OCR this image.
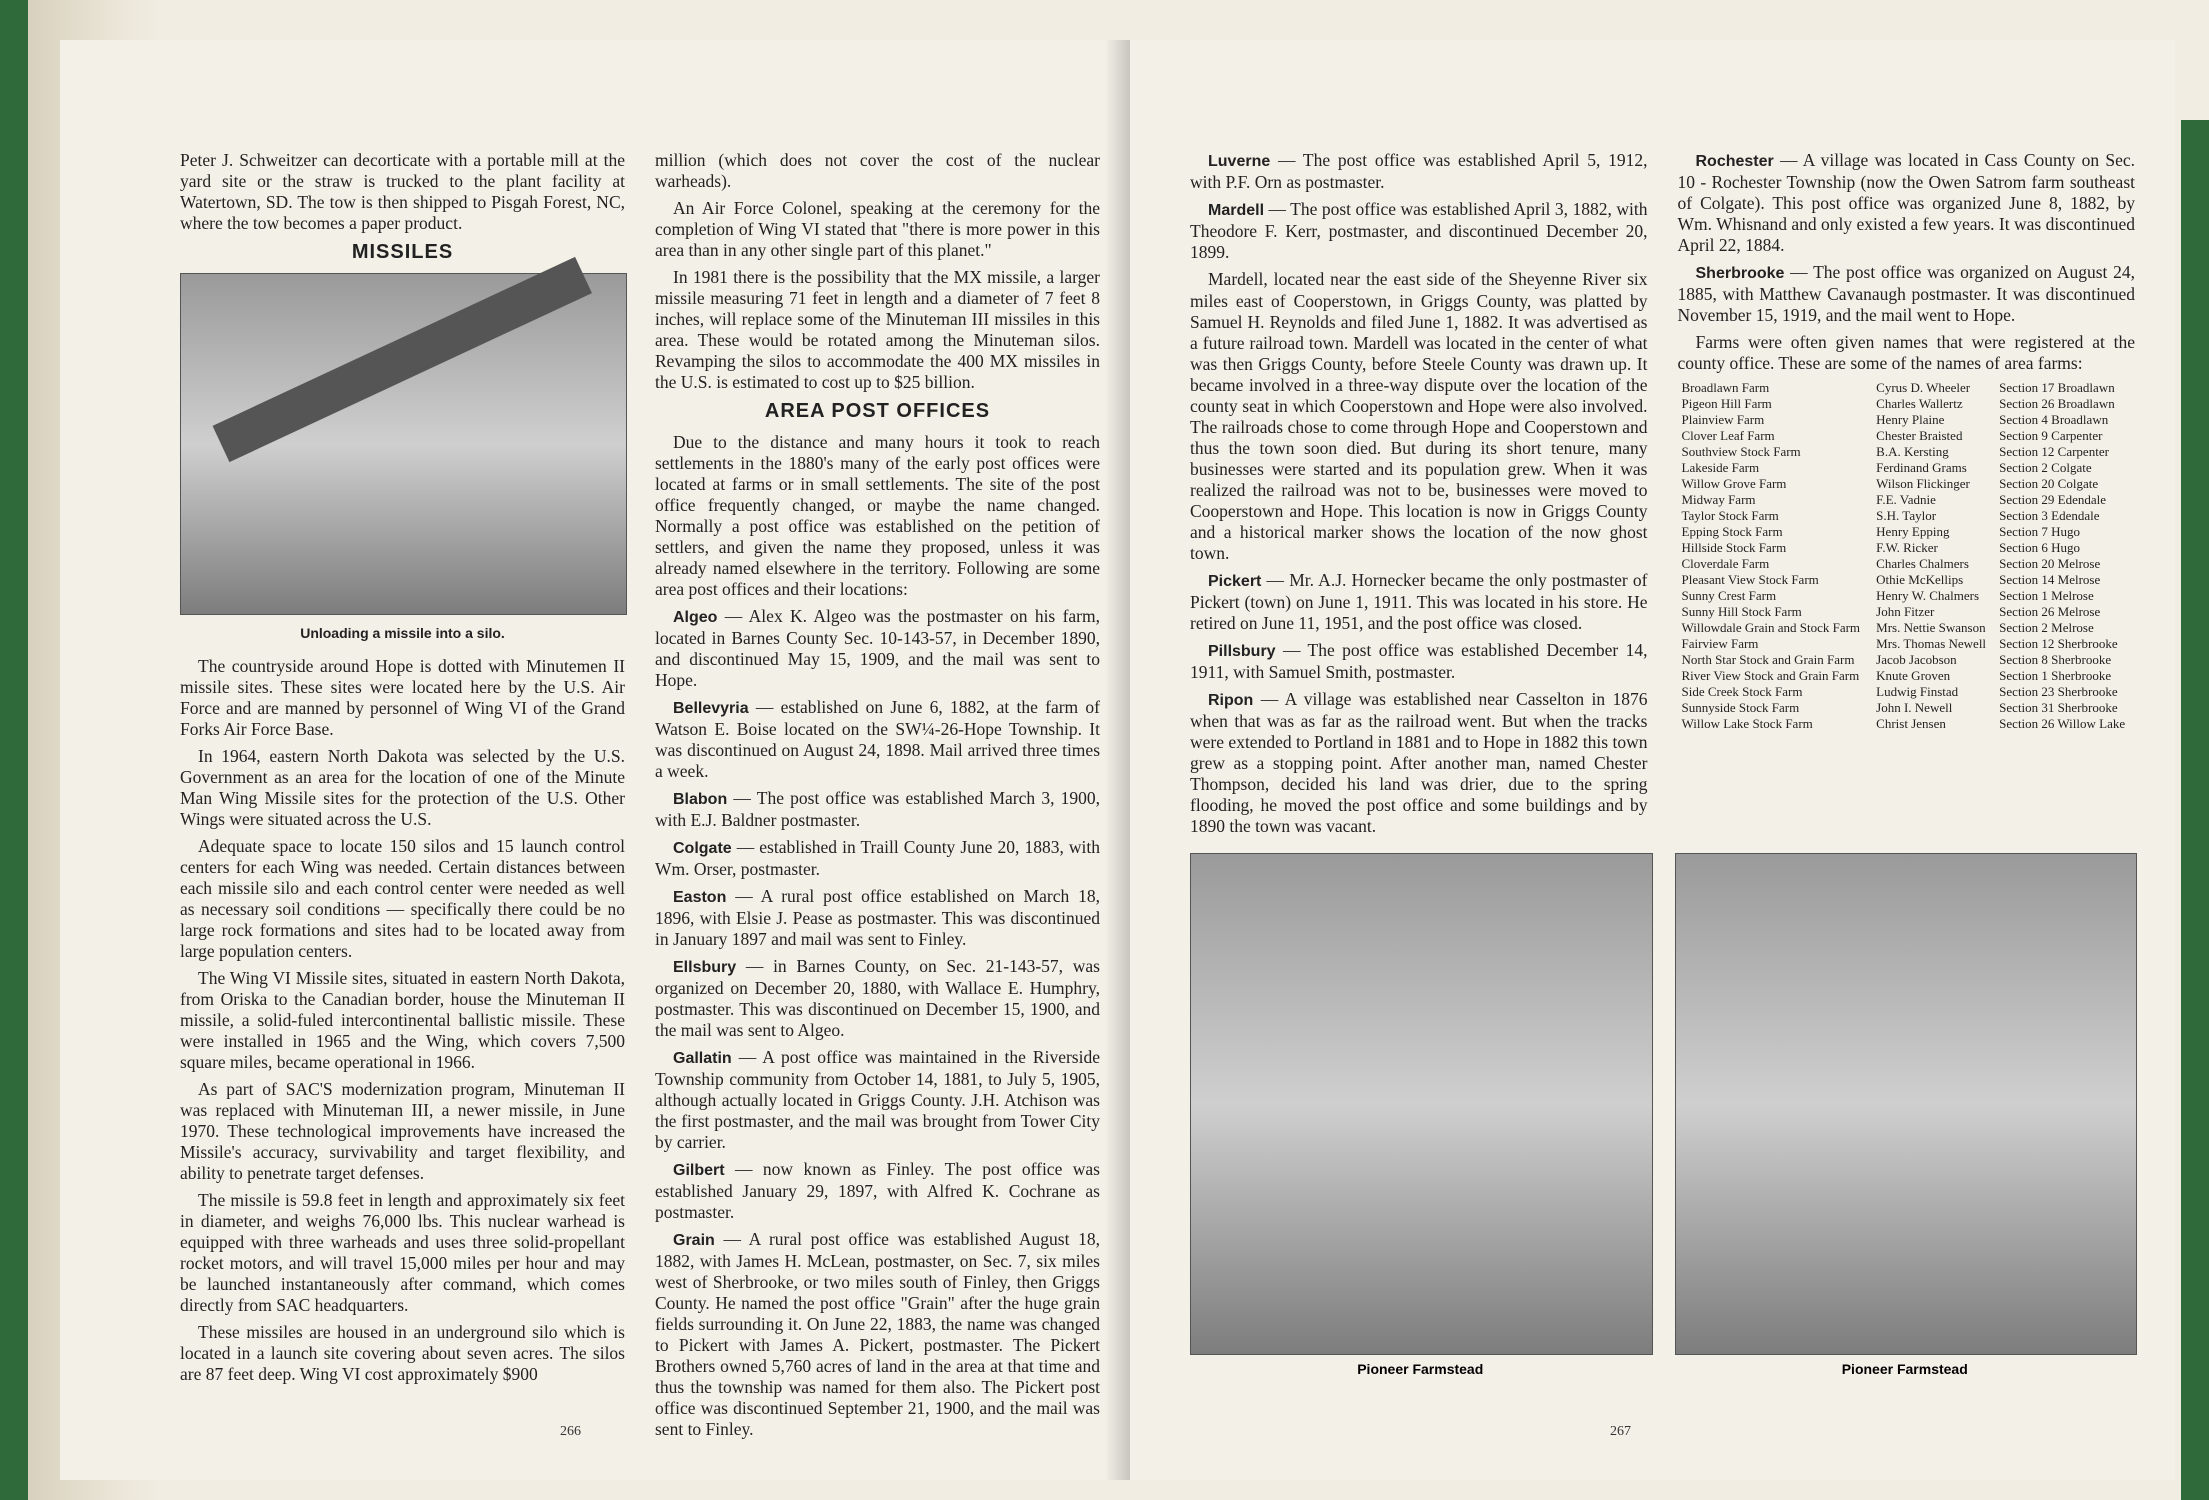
Peter J. Schweitzer can decorticate with a portable mill at the yard site or the straw is trucked to the plant facility at Watertown, SD. The tow is then shipped to Pisgah Forest, NC, where the tow becomes a paper product.

MISSILES
Unloading a missile into a silo.

The countryside around Hope is dotted with Minutemen II missile sites. These sites were located here by the U.S. Air Force and are manned by personnel of Wing VI of the Grand Forks Air Force Base.

In 1964, eastern North Dakota was selected by the U.S. Government as an area for the location of one of the Minute Man Wing Missile sites for the protection of the U.S. Other Wings were situated across the U.S.

Adequate space to locate 150 silos and 15 launch control centers for each Wing was needed. Certain distances between each missile silo and each control center were needed as well as necessary soil conditions — specifically there could be no large rock formations and sites had to be located away from large population centers.

The Wing VI Missile sites, situated in eastern North Dakota, from Oriska to the Canadian border, house the Minuteman II missile, a solid-fuled intercontinental ballistic missile. These were installed in 1965 and the Wing, which covers 7,500 square miles, became operational in 1966.

As part of SAC'S modernization program, Minuteman II was replaced with Minuteman III, a newer missile, in June 1970. These technological improvements have increased the Missile's accuracy, survivability and target flexibility, and ability to penetrate target defenses.

The missile is 59.8 feet in length and approximately six feet in diameter, and weighs 76,000 lbs. This nuclear warhead is equipped with three warheads and uses three solid-propellant rocket motors, and will travel 15,000 miles per hour and may be launched instantaneously after command, which comes directly from SAC headquarters.

These missiles are housed in an underground silo which is located in a launch site covering about seven acres. The silos are 87 feet deep. Wing VI cost approximately $900

million (which does not cover the cost of the nuclear warheads).

An Air Force Colonel, speaking at the ceremony for the completion of Wing VI stated that "there is more power in this area than in any other single part of this planet."

In 1981 there is the possibility that the MX missile, a larger missile measuring 71 feet in length and a diameter of 7 feet 8 inches, will replace some of the Minuteman III missiles in this area. These would be rotated among the Minuteman silos. Revamping the silos to accommodate the 400 MX missiles in the U.S. is estimated to cost up to $25 billion.

AREA POST OFFICES

Due to the distance and many hours it took to reach settlements in the 1880's many of the early post offices were located at farms or in small settlements. The site of the post office frequently changed, or maybe the name changed. Normally a post office was established on the petition of settlers, and given the name they proposed, unless it was already named elsewhere in the territory. Following are some area post offices and their locations:

Algeo — Alex K. Algeo was the postmaster on his farm, located in Barnes County Sec. 10-143-57, in December 1890, and discontinued May 15, 1909, and the mail was sent to Hope.

Bellevyria — established on June 6, 1882, at the farm of Watson E. Boise located on the SW¼-26-Hope Township. It was discontinued on August 24, 1898. Mail arrived three times a week.

Blabon — The post office was established March 3, 1900, with E.J. Baldner postmaster.

Colgate — established in Traill County June 20, 1883, with Wm. Orser, postmaster.

Easton — A rural post office established on March 18, 1896, with Elsie J. Pease as postmaster. This was discontinued in January 1897 and mail was sent to Finley.

Ellsbury — in Barnes County, on Sec. 21-143-57, was organized on December 20, 1880, with Wallace E. Humphry, postmaster. This was discontinued on December 15, 1900, and the mail was sent to Algeo.

Gallatin — A post office was maintained in the Riverside Township community from October 14, 1881, to July 5, 1905, although actually located in Griggs County. J.H. Atchison was the first postmaster, and the mail was brought from Tower City by carrier.

Gilbert — now known as Finley. The post office was established January 29, 1897, with Alfred K. Cochrane as postmaster.

Grain — A rural post office was established August 18, 1882, with James H. McLean, postmaster, on Sec. 7, six miles west of Sherbrooke, or two miles south of Finley, then Griggs County. He named the post office "Grain" after the huge grain fields surrounding it. On June 22, 1883, the name was changed to Pickert with James A. Pickert, postmaster. The Pickert Brothers owned 5,760 acres of land in the area at that time and thus the township was named for them also. The Pickert post office was discontinued September 21, 1900, and the mail was sent to Finley.

266

Luverne — The post office was established April 5, 1912, with P.F. Orn as postmaster.

Mardell — The post office was established April 3, 1882, with Theodore F. Kerr, postmaster, and discontinued December 20, 1899.

Mardell, located near the east side of the Sheyenne River six miles east of Cooperstown, in Griggs County, was platted by Samuel H. Reynolds and filed June 1, 1882. It was advertised as a future railroad town. Mardell was located in the center of what was then Griggs County, before Steele County was drawn up. It became involved in a three-way dispute over the location of the county seat in which Cooperstown and Hope were also involved. The railroads chose to come through Hope and Cooperstown and thus the town soon died. But during its short tenure, many businesses were started and its population grew. When it was realized the railroad was not to be, businesses were moved to Cooperstown and Hope. This location is now in Griggs County and a historical marker shows the location of the now ghost town.

Pickert — Mr. A.J. Hornecker became the only postmaster of Pickert (town) on June 1, 1911. This was located in his store. He retired on June 11, 1951, and the post office was closed.

Pillsbury — The post office was established December 14, 1911, with Samuel Smith, postmaster.

Ripon — A village was established near Casselton in 1876 when that was as far as the railroad went. But when the tracks were extended to Portland in 1881 and to Hope in 1882 this town grew as a stopping point. After another man, named Chester Thompson, decided his land was drier, due to the spring flooding, he moved the post office and some buildings and by 1890 the town was vacant.

Rochester — A village was located in Cass County on Sec. 10 - Rochester Township (now the Owen Satrom farm southeast of Colgate). This post office was organized June 8, 1882, by Wm. Whisnand and only existed a few years. It was discontinued April 22, 1884.

Sherbrooke — The post office was organized on August 24, 1885, with Matthew Cavanaugh postmaster. It was discontinued November 15, 1919, and the mail went to Hope.

Farms were often given names that were registered at the county office. These are some of the names of area farms:

Broadlawn Farm	Cyrus D. Wheeler	Section 17 Broadlawn
Pigeon Hill Farm	Charles Wallertz	Section 26 Broadlawn
Plainview Farm	Henry Plaine	Section 4 Broadlawn
Clover Leaf Farm	Chester Braisted	Section 9 Carpenter
Southview Stock Farm	B.A. Kersting	Section 12 Carpenter
Lakeside Farm	Ferdinand Grams	Section 2 Colgate
Willow Grove Farm	Wilson Flickinger	Section 20 Colgate
Midway Farm	F.E. Vadnie	Section 29 Edendale
Taylor Stock Farm	S.H. Taylor	Section 3 Edendale
Epping Stock Farm	Henry Epping	Section 7 Hugo
Hillside Stock Farm	F.W. Ricker	Section 6 Hugo
Cloverdale Farm	Charles Chalmers	Section 20 Melrose
Pleasant View Stock Farm	Othie McKellips	Section 14 Melrose
Sunny Crest Farm	Henry W. Chalmers	Section 1 Melrose
Sunny Hill Stock Farm	John Fitzer	Section 26 Melrose
Willowdale Grain and Stock Farm	Mrs. Nettie Swanson	Section 2 Melrose
Fairview Farm	Mrs. Thomas Newell	Section 12 Sherbrooke
North Star Stock and Grain Farm	Jacob Jacobson	Section 8 Sherbrooke
River View Stock and Grain Farm	Knute Groven	Section 1 Sherbrooke
Side Creek Stock Farm	Ludwig Finstad	Section 23 Sherbrooke
Sunnyside Stock Farm	John I. Newell	Section 31 Sherbrooke
Willow Lake Stock Farm	Christ Jensen	Section 26 Willow Lake
Pioneer Farmstead	Pioneer Farmstead
267
